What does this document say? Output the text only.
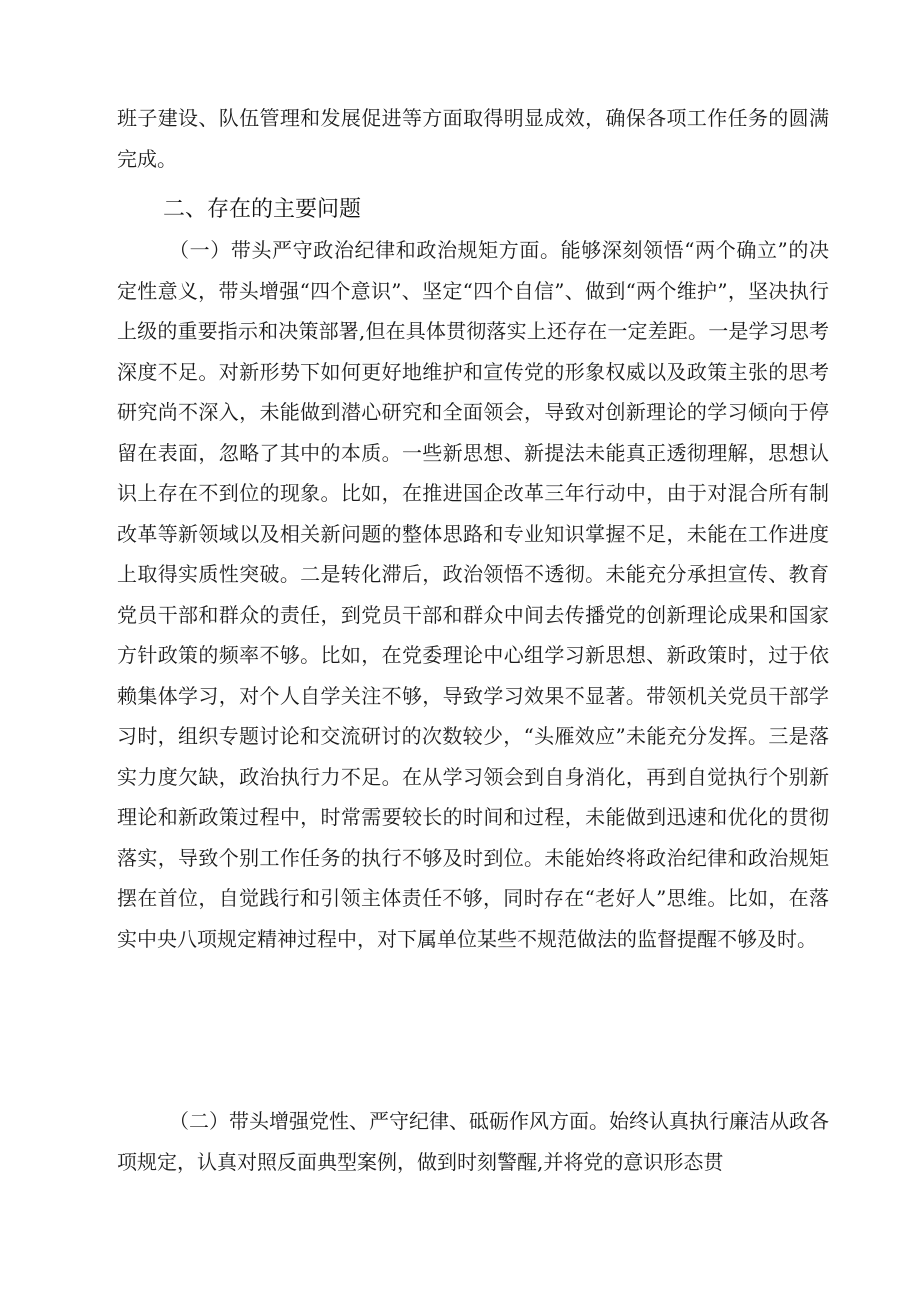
班子建设、队伍管理和发展促进等方面取得明显成效，确保各项工作任务的圆满完成。
二、存在的主要问题
（一）带头严守政治纪律和政治规矩方面。能够深刻领悟“两个确立”的决定性意义，带头增强“四个意识”、坚定“四个自信”、做到“两个维护”，坚决执行上级的重要指示和决策部署,但在具体贯彻落实上还存在一定差距。一是学习思考深度不足。对新形势下如何更好地维护和宣传党的形象权威以及政策主张的思考研究尚不深入，未能做到潜心研究和全面领会，导致对创新理论的学习倾向于停留在表面，忽略了其中的本质。一些新思想、新提法未能真正透彻理解，思想认识上存在不到位的现象。比如，在推进国企改革三年行动中，由于对混合所有制改革等新领域以及相关新问题的整体思路和专业知识掌握不足，未能在工作进度上取得实质性突破。二是转化滞后，政治领悟不透彻。未能充分承担宣传、教育党员干部和群众的责任，到党员干部和群众中间去传播党的创新理论成果和国家方针政策的频率不够。比如，在党委理论中心组学习新思想、新政策时，过于依赖集体学习，对个人自学关注不够，导致学习效果不显著。带领机关党员干部学习时，组织专题讨论和交流研讨的次数较少，“头雁效应”未能充分发挥。三是落实力度欠缺，政治执行力不足。在从学习领会到自身消化，再到自觉执行个别新理论和新政策过程中，时常需要较长的时间和过程，未能做到迅速和优化的贯彻落实，导致个别工作任务的执行不够及时到位。未能始终将政治纪律和政治规矩摆在首位，自觉践行和引领主体责任不够，同时存在“老好人”思维。比如，在落实中央八项规定精神过程中，对下属单位某些不规范做法的监督提醒不够及时。
（二）带头增强党性、严守纪律、砥砺作风方面。始终认真执行廉洁从政各项规定，认真对照反面典型案例，做到时刻警醒,并将党的意识形态贯
